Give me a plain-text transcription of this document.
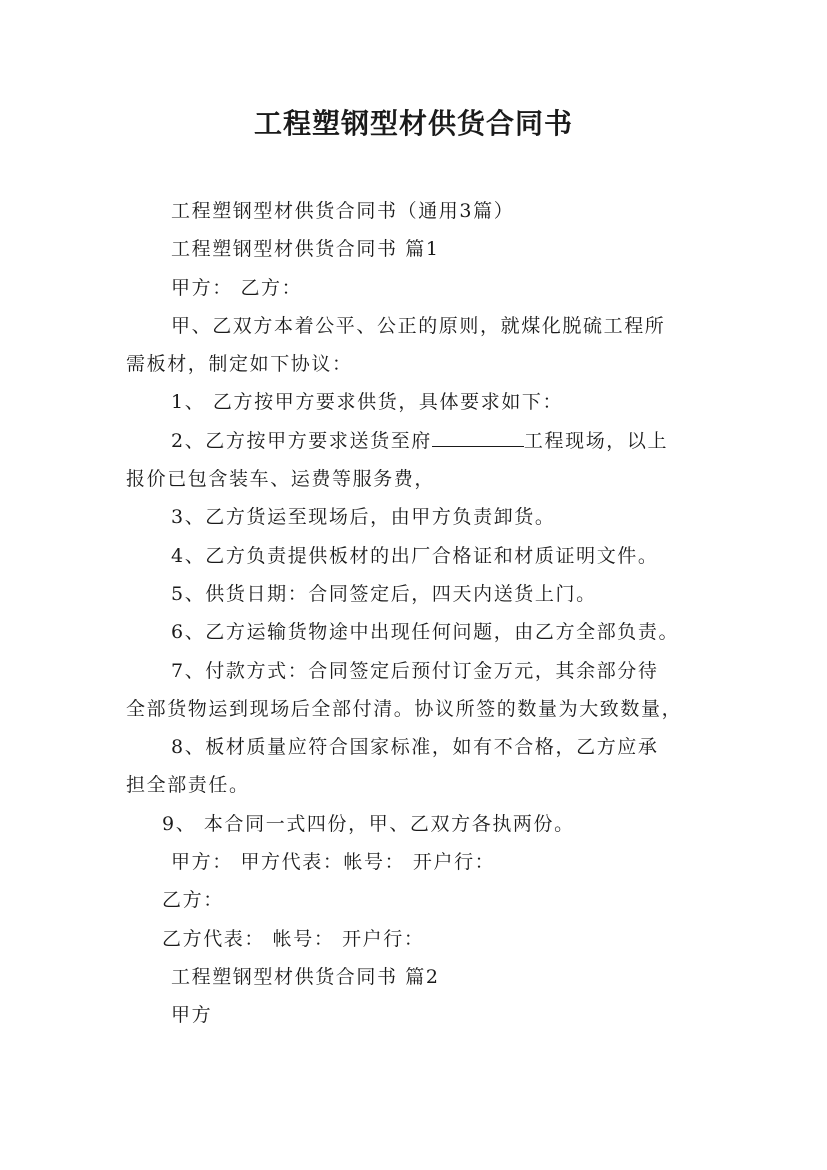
工程塑钢型材供货合同书

工程塑钢型材供货合同书（通用3篇）

工程塑钢型材供货合同书 篇1

甲方： 乙方：

甲、乙双方本着公平、公正的原则，就煤化脱硫工程所

需板材，制定如下协议：

1、 乙方按甲方要求供货，具体要求如下：

2、乙方按甲方要求送货至府	工程现场，以上

报价已包含装车、运费等服务费，

3、乙方货运至现场后，由甲方负责卸货。

4、乙方负责提供板材的出厂合格证和材质证明文件。

5、供货日期：合同签定后，四天内送货上门。

6、乙方运输货物途中出现任何问题，由乙方全部负责。

7、付款方式：合同签定后预付订金万元，其余部分待

全部货物运到现场后全部付清。协议所签的数量为大致数量，

8、板材质量应符合国家标准，如有不合格，乙方应承

担全部责任。

9、 本合同一式四份，甲、乙双方各执两份。

甲方： 甲方代表：帐号： 开户行：

乙方：

乙方代表： 帐号： 开户行：

工程塑钢型材供货合同书 篇2

甲方
